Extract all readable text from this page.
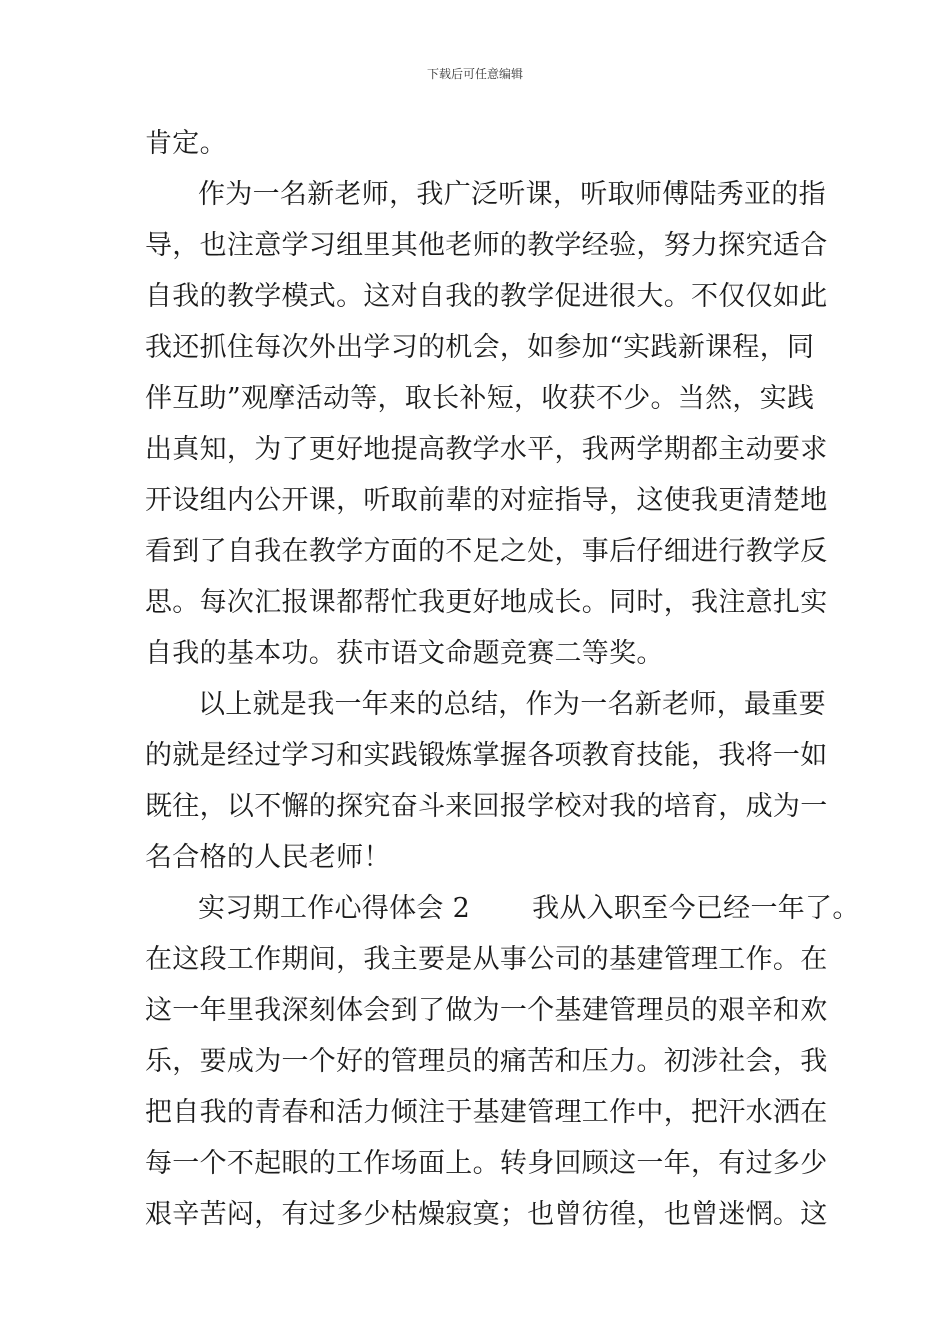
下载后可任意编辑
肯定。
作为一名新老师，我广泛听课，听取师傅陆秀亚的指
导，也注意学习组里其他老师的教学经验，努力探究适合
自我的教学模式。这对自我的教学促进很大。不仅仅如此
我还抓住每次外出学习的机会，如参加“实践新课程，同
伴互助”观摩活动等，取长补短，收获不少。当然，实践
出真知，为了更好地提高教学水平，我两学期都主动要求
开设组内公开课，听取前辈的对症指导，这使我更清楚地
看到了自我在教学方面的不足之处，事后仔细进行教学反
思。每次汇报课都帮忙我更好地成长。同时，我注意扎实
自我的基本功。获市语文命题竞赛二等奖。
以上就是我一年来的总结，作为一名新老师，最重要
的就是经过学习和实践锻炼掌握各项教育技能，我将一如
既往，以不懈的探究奋斗来回报学校对我的培育，成为一
名合格的人民老师！
实习期工作心得体会 2 我从入职至今已经一年了。
在这段工作期间，我主要是从事公司的基建管理工作。在
这一年里我深刻体会到了做为一个基建管理员的艰辛和欢
乐，要成为一个好的管理员的痛苦和压力。初涉社会，我
把自我的青春和活力倾注于基建管理工作中，把汗水洒在
每一个不起眼的工作场面上。转身回顾这一年，有过多少
艰辛苦闷，有过多少枯燥寂寞；也曾彷徨，也曾迷惘。这
